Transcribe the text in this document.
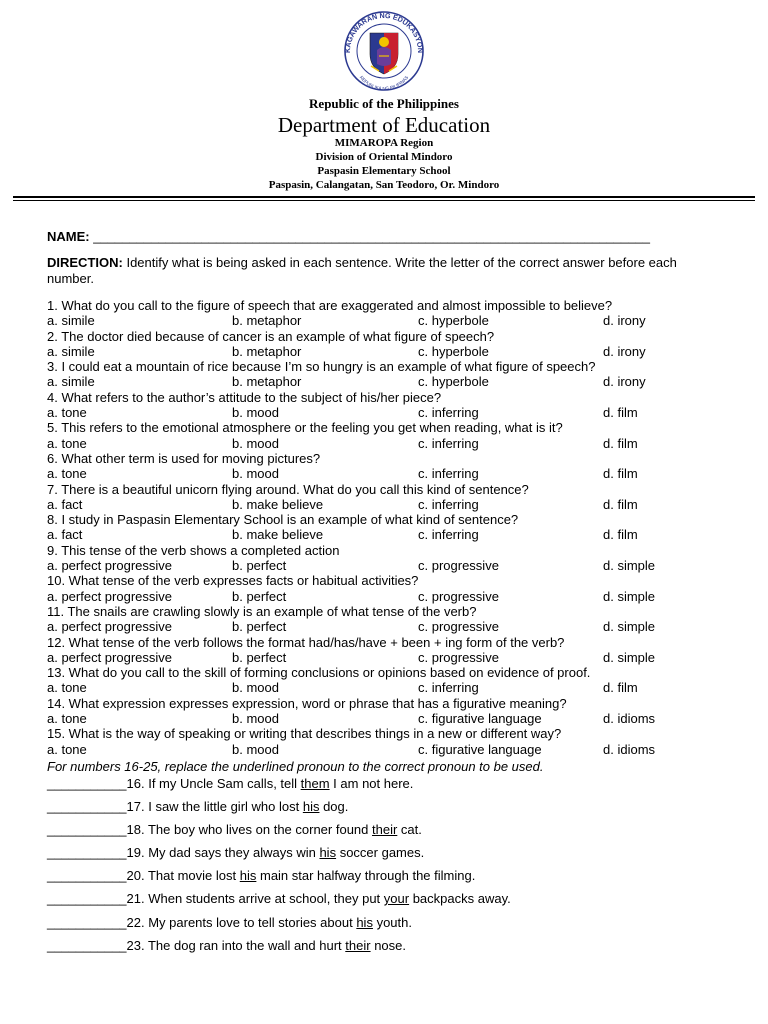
KAGAWARAN NG EDUKASYON
REPUBLIKA NG PILIPINAS
Republic of the Philippines
Department of Education
MIMAROPA Region
Division of Oriental Mindoro
Paspasin Elementary School
Paspasin, Calangatan, San Teodoro, Or. Mindoro
NAME: _____________________________________________________________________________
DIRECTION: Identify what is being asked in each sentence. Write the letter of the correct answer before each number.
1. What do you call to the figure of speech that are exaggerated and almost impossible to believe?
a. simile	b. metaphor	c. hyperbole	d. irony
2. The doctor died because of cancer is an example of what figure of speech?
a. simile	b. metaphor	c. hyperbole	d. irony
3. I could eat a mountain of rice because I’m so hungry is an example of what figure of speech?
a. simile	b. metaphor	c. hyperbole	d. irony
4. What refers to the author’s attitude to the subject of his/her piece?
a. tone	b. mood	c. inferring	d. film
5. This refers to the emotional atmosphere or the feeling you get when reading, what is it?
a. tone	b. mood	c. inferring	d. film
6. What other term is used for moving pictures?
a. tone	b. mood	c. inferring	d. film
7. There is a beautiful unicorn flying around. What do you call this kind of sentence?
a. fact	b. make believe	c. inferring	d. film
8. I study in Paspasin Elementary School is an example of what kind of sentence?
a. fact	b. make believe	c. inferring	d. film
9. This tense of the verb shows a completed action
a. perfect progressive	b. perfect	c. progressive	d. simple
10. What tense of the verb expresses facts or habitual activities?
a. perfect progressive	b. perfect	c. progressive	d. simple
11. The snails are crawling slowly is an example of what tense of the verb?
a. perfect progressive	b. perfect	c. progressive	d. simple
12. What tense of the verb follows the format had/has/have + been + ing form of the verb?
a. perfect progressive	b. perfect	c. progressive	d. simple
13. What do you call to the skill of forming conclusions or opinions based on evidence of proof.
a. tone	b. mood	c. inferring	d. film
14. What expression expresses expression, word or phrase that has a figurative meaning?
a. tone	b. mood	c. figurative language	d. idioms
15. What is the way of speaking or writing that describes things in a new or different way?
a. tone	b. mood	c. figurative language	d. idioms
For numbers 16-25, replace the underlined pronoun to the correct pronoun to be used.
___________16. If my Uncle Sam calls, tell them I am not here.
___________17. I saw the little girl who lost his dog.
___________18. The boy who lives on the corner found their cat.
___________19. My dad says they always win his soccer games.
___________20. That movie lost his main star halfway through the filming.
___________21. When students arrive at school, they put your backpacks away.
___________22. My parents love to tell stories about his youth.
___________23. The dog ran into the wall and hurt their nose.
